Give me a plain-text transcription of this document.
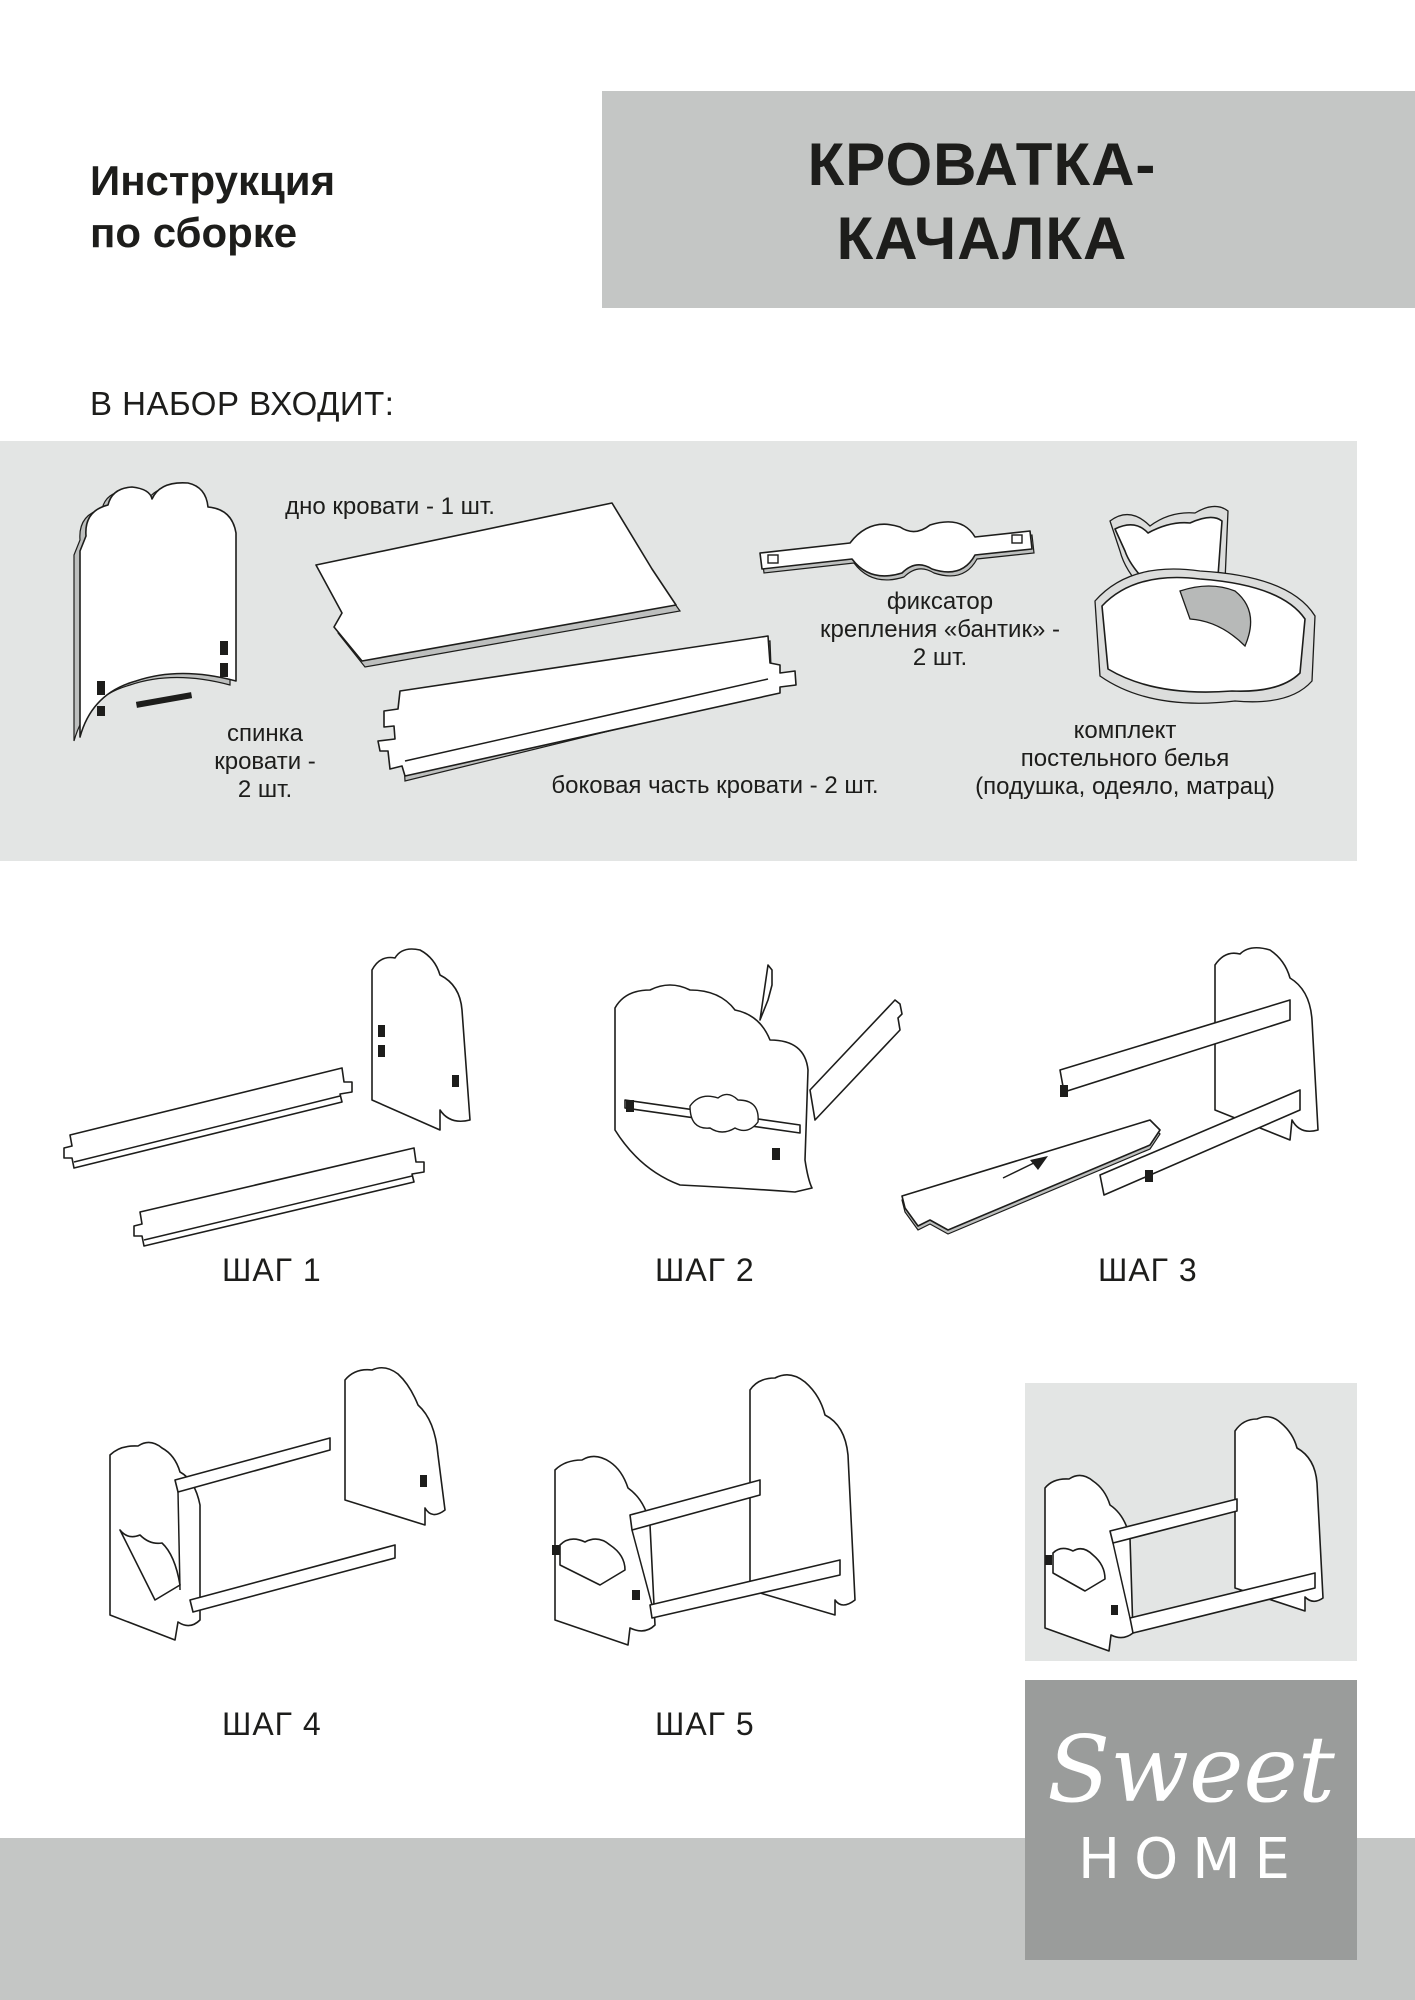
Инструкция
по сборке
КРОВАТКА-
КАЧАЛКА
В НАБОР ВХОДИТ:
дно кровати - 1 шт.
спинка
кровати -
2 шт.	боковая часть кровати - 2 шт.
фиксатор
крепления «бантик» -
2 шт.
комплект
постельного белья
(подушка, одеяло, матрац)
ШАГ 1	ШАГ 2	ШАГ 3
ШАГ 4	ШАГ 5	Sweet
HOME
